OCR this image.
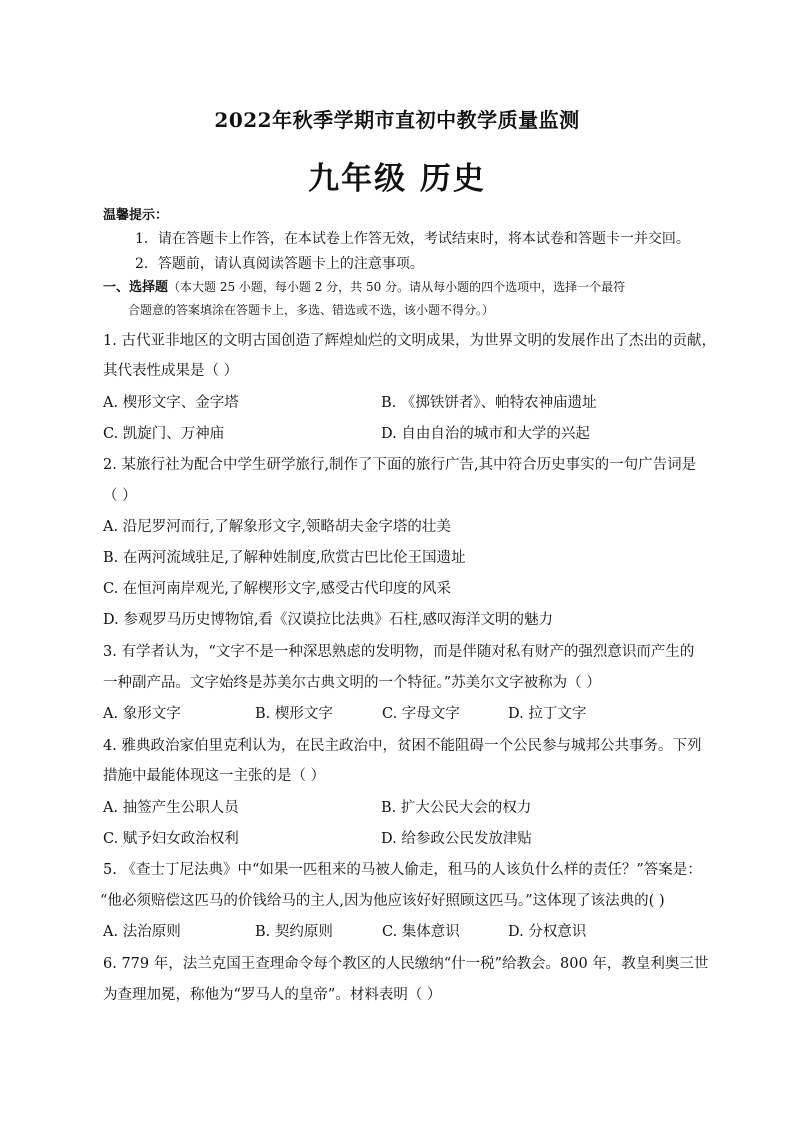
2022年秋季学期市直初中教学质量监测
九年级 历史
温馨提示：
1．请在答题卡上作答，在本试卷上作答无效，考试结束时，将本试卷和答题卡一并交回。
2．答题前，请认真阅读答题卡上的注意事项。
一、选择题（本大题 25 小题，每小题 2 分，共 50 分。请从每小题的四个选项中，选择一个最符
合题意的答案填涂在答题卡上，多选、错选或不选，该小题不得分。）
1. 古代亚非地区的文明古国创造了辉煌灿烂的文明成果，为世界文明的发展作出了杰出的贡献，
其代表性成果是（ ）
A. 楔形文字、金字塔	B. 《掷铁饼者》、帕特农神庙遗址
C. 凯旋门、万神庙	D. 自由自治的城市和大学的兴起
2. 某旅行社为配合中学生研学旅行,制作了下面的旅行广告,其中符合历史事实的一句广告词是
（ ）
A. 沿尼罗河而行,了解象形文字,领略胡夫金字塔的壮美
B. 在两河流域驻足,了解种姓制度,欣赏古巴比伦王国遗址
C. 在恒河南岸观光,了解楔形文字,感受古代印度的风采
D. 参观罗马历史博物馆,看《汉谟拉比法典》石柱,感叹海洋文明的魅力
3. 有学者认为，“文字不是一种深思熟虑的发明物，而是伴随对私有财产的强烈意识而产生的
一种副产品。文字始终是苏美尔古典文明的一个特征。”苏美尔文字被称为（ ）
A. 象形文字	B. 楔形文字	C. 字母文字	D. 拉丁文字
4. 雅典政治家伯里克利认为，在民主政治中，贫困不能阻碍一个公民参与城邦公共事务。下列
措施中最能体现这一主张的是（ ）
A. 抽签产生公职人员	B. 扩大公民大会的权力
C. 赋予妇女政治权利	D. 给参政公民发放津贴
5. 《查士丁尼法典》中“如果一匹租来的马被人偷走，租马的人该负什么样的责任？”答案是：
“他必须赔偿这匹马的价钱给马的主人,因为他应该好好照顾这匹马。”这体现了该法典的( )
A. 法治原则	B. 契约原则	C. 集体意识	D. 分权意识
6. 779 年，法兰克国王查理命令每个教区的人民缴纳“什一税”给教会。800 年，教皇利奥三世
为查理加冕，称他为“罗马人的皇帝”。材料表明（ ）
